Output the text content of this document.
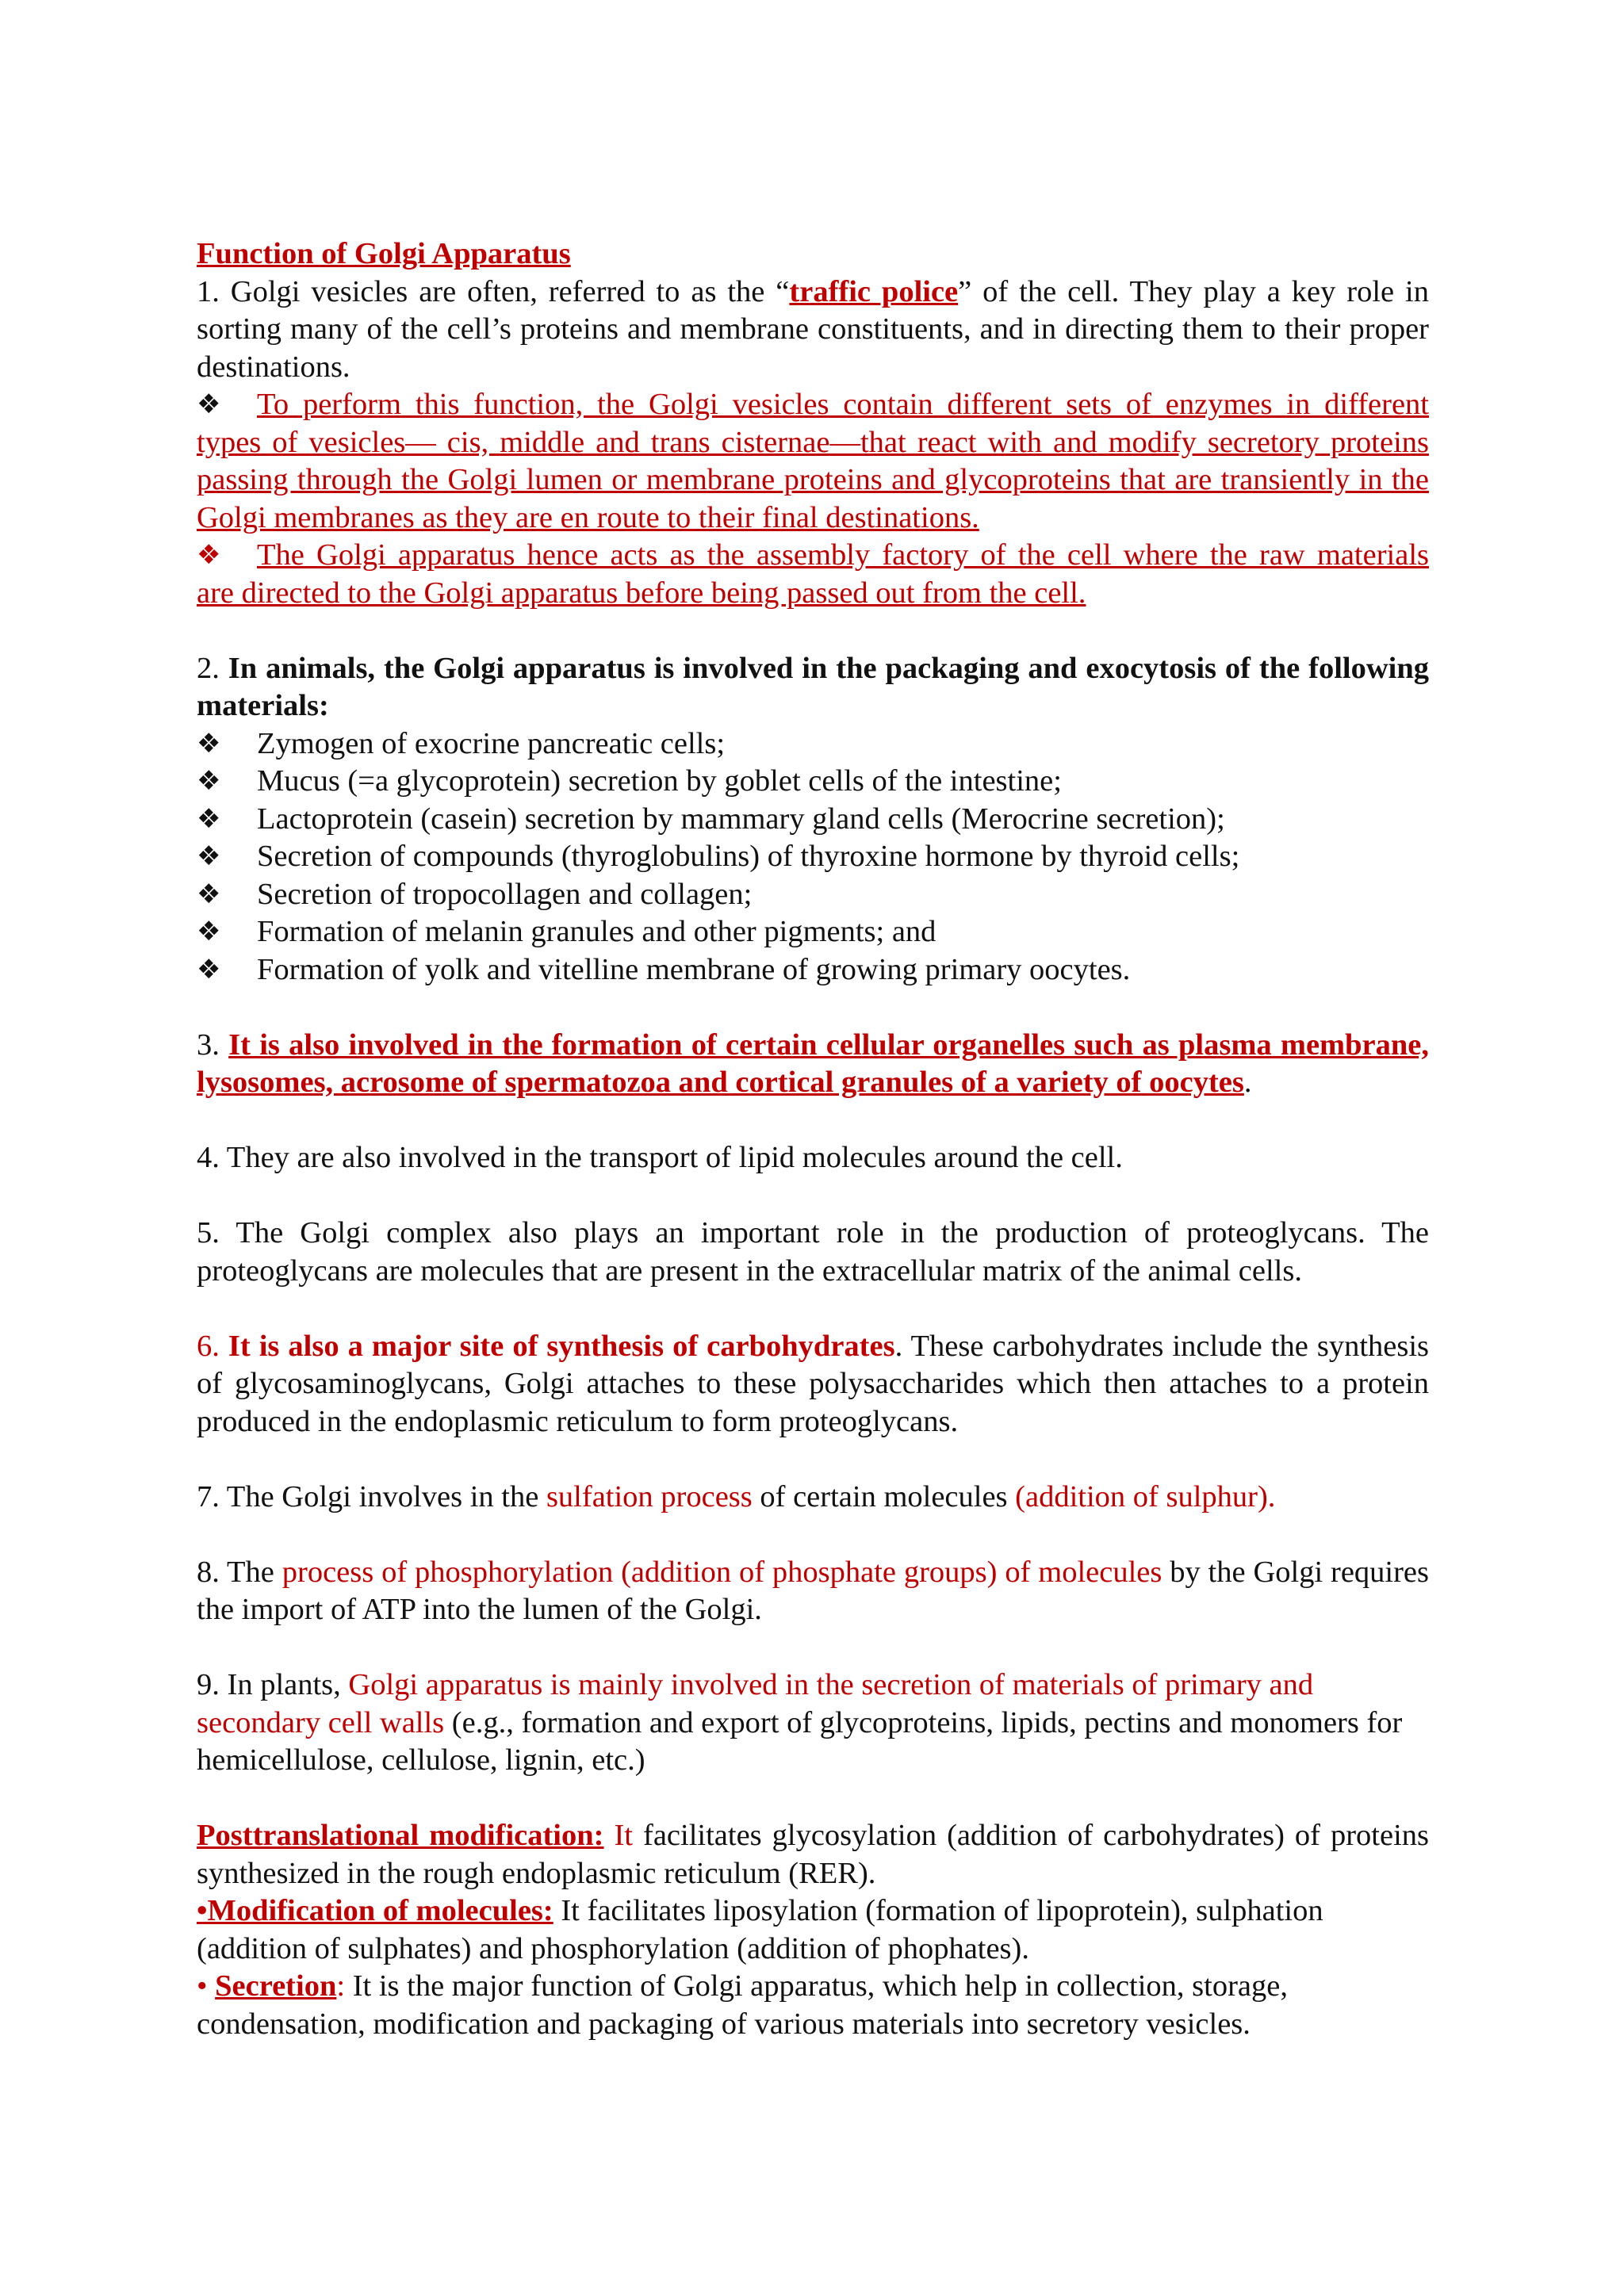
Function of Golgi Apparatus

1. Golgi vesicles are often, referred to as the “traffic police” of the cell. They play a key role in sorting many of the cell’s proteins and membrane constituents, and in directing them to their proper destinations.

❖	To perform this function, the Golgi vesicles contain different sets of enzymes in different

types of vesicles— cis, middle and trans cisternae—that react with and modify secretory proteins passing through the Golgi lumen or membrane proteins and glycoproteins that are transiently in the Golgi membranes as they are en route to their final destinations.

❖	The Golgi apparatus hence acts as the assembly factory of the cell where the raw materials

are directed to the Golgi apparatus before being passed out from the cell.

2. In animals, the Golgi apparatus is involved in the packaging and exocytosis of the following materials:

❖	Zymogen of exocrine pancreatic cells;
❖	Mucus (=a glycoprotein) secretion by goblet cells of the intestine;
❖	Lactoprotein (casein) secretion by mammary gland cells (Merocrine secretion);
❖	Secretion of compounds (thyroglobulins) of thyroxine hormone by thyroid cells;
❖	Secretion of tropocollagen and collagen;
❖	Formation of melanin granules and other pigments; and
❖	Formation of yolk and vitelline membrane of growing primary oocytes.

3. It is also involved in the formation of certain cellular organelles such as plasma membrane, lysosomes, acrosome of spermatozoa and cortical granules of a variety of oocytes.

4. They are also involved in the transport of lipid molecules around the cell.

5. The Golgi complex also plays an important role in the production of proteoglycans. The proteoglycans are molecules that are present in the extracellular matrix of the animal cells.

6. It is also a major site of synthesis of carbohydrates. These carbohydrates include the synthesis of glycosaminoglycans, Golgi attaches to these polysaccharides which then attaches to a protein produced in the endoplasmic reticulum to form proteoglycans.

7. The Golgi involves in the sulfation process of certain molecules (addition of sulphur).

8. The process of phosphorylation (addition of phosphate groups) of molecules by the Golgi requires the import of ATP into the lumen of the Golgi.

9. In plants, Golgi apparatus is mainly involved in the secretion of materials of primary and secondary cell walls (e.g., formation and export of glycoproteins, lipids, pectins and monomers for hemicellulose, cellulose, lignin, etc.)

Posttranslational modification: It facilitates glycosylation (addition of carbohydrates) of proteins synthesized in the rough endoplasmic reticulum (RER).

•Modification of molecules: It facilitates liposylation (formation of lipoprotein), sulphation (addition of sulphates) and phosphorylation (addition of phophates).

• Secretion: It is the major function of Golgi apparatus, which help in collection, storage, condensation, modification and packaging of various materials into secretory vesicles.
